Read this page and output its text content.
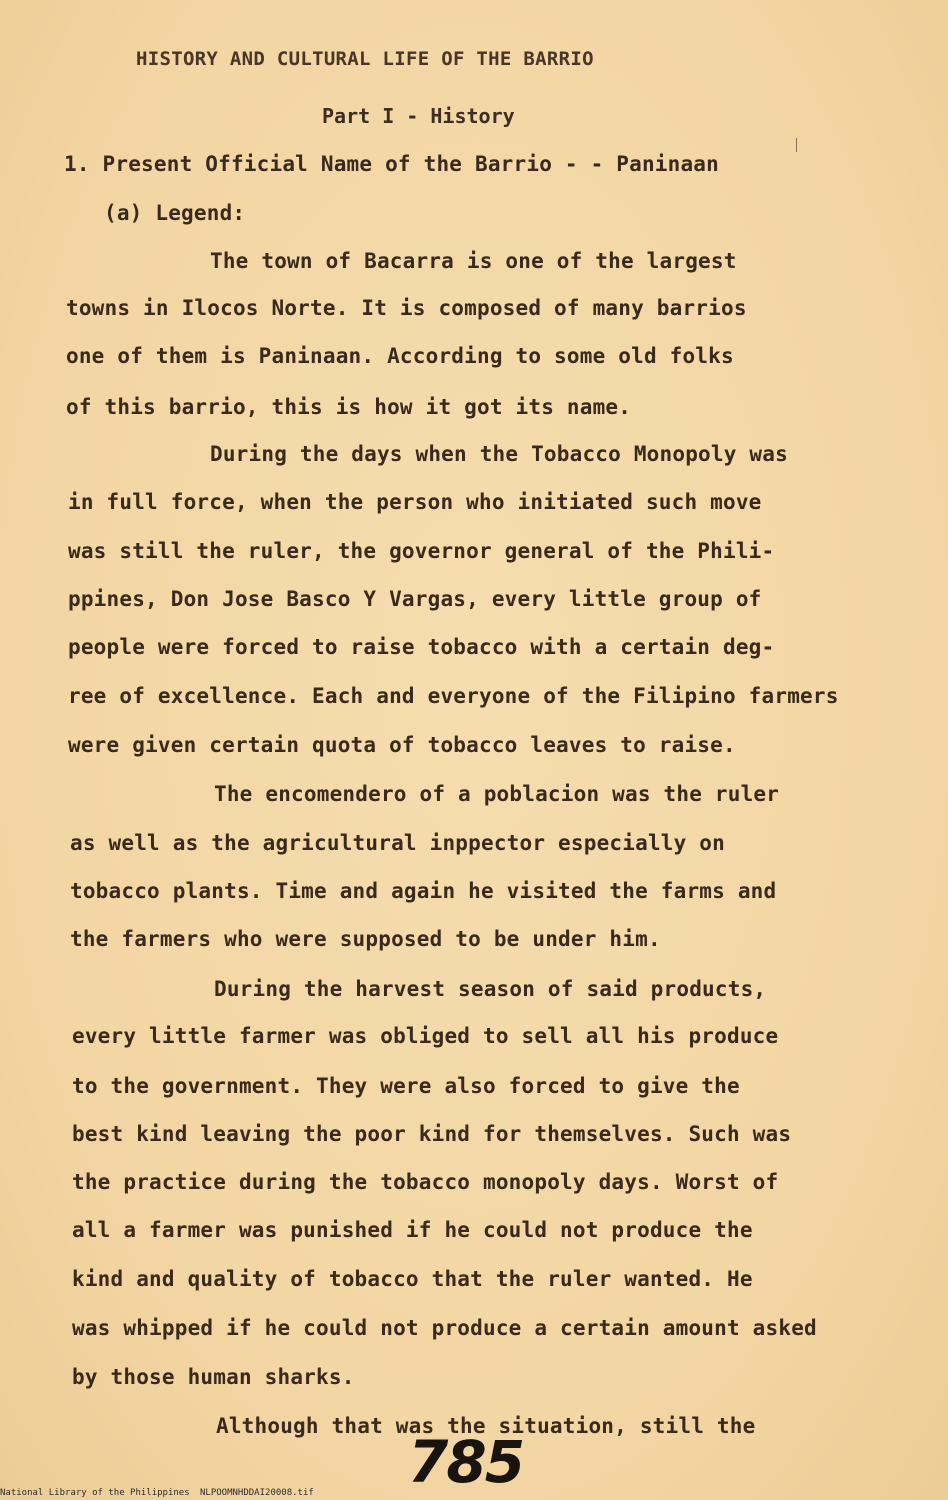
HISTORY AND CULTURAL LIFE OF THE BARRIO
Part I - History
1. Present Official Name of the Barrio - - Paninaan
(a) Legend:
The town of Bacarra is one of the largest
towns in Ilocos Norte. It is composed of many barrios
one of them is Paninaan. According to some old folks
of this barrio, this is how it got its name.
During the days when the Tobacco Monopoly was
in full force, when the person who initiated such move
was still the ruler, the governor general of the Phili-
ppines, Don Jose Basco Y Vargas, every little group of
people were forced to raise tobacco with a certain deg-
ree of excellence. Each and everyone of the Filipino farmers
were given certain quota of tobacco leaves to raise.
The encomendero of a poblacion was the ruler
as well as the agricultural inppector especially on
tobacco plants. Time and again he visited the farms and
the farmers who were supposed to be under him.
During the harvest season of said products,
every little farmer was obliged to sell all his produce
to the government. They were also forced to give the
best kind leaving the poor kind for themselves. Such was
the practice during the tobacco monopoly days. Worst of
all a farmer was punished if he could not produce the
kind and quality of tobacco that the ruler wanted. He
was whipped if he could not produce a certain amount asked
by those human sharks.
Although that was the situation, still the
785
National Library of the Philippines NLPOOMNHDDAI20008.tif
